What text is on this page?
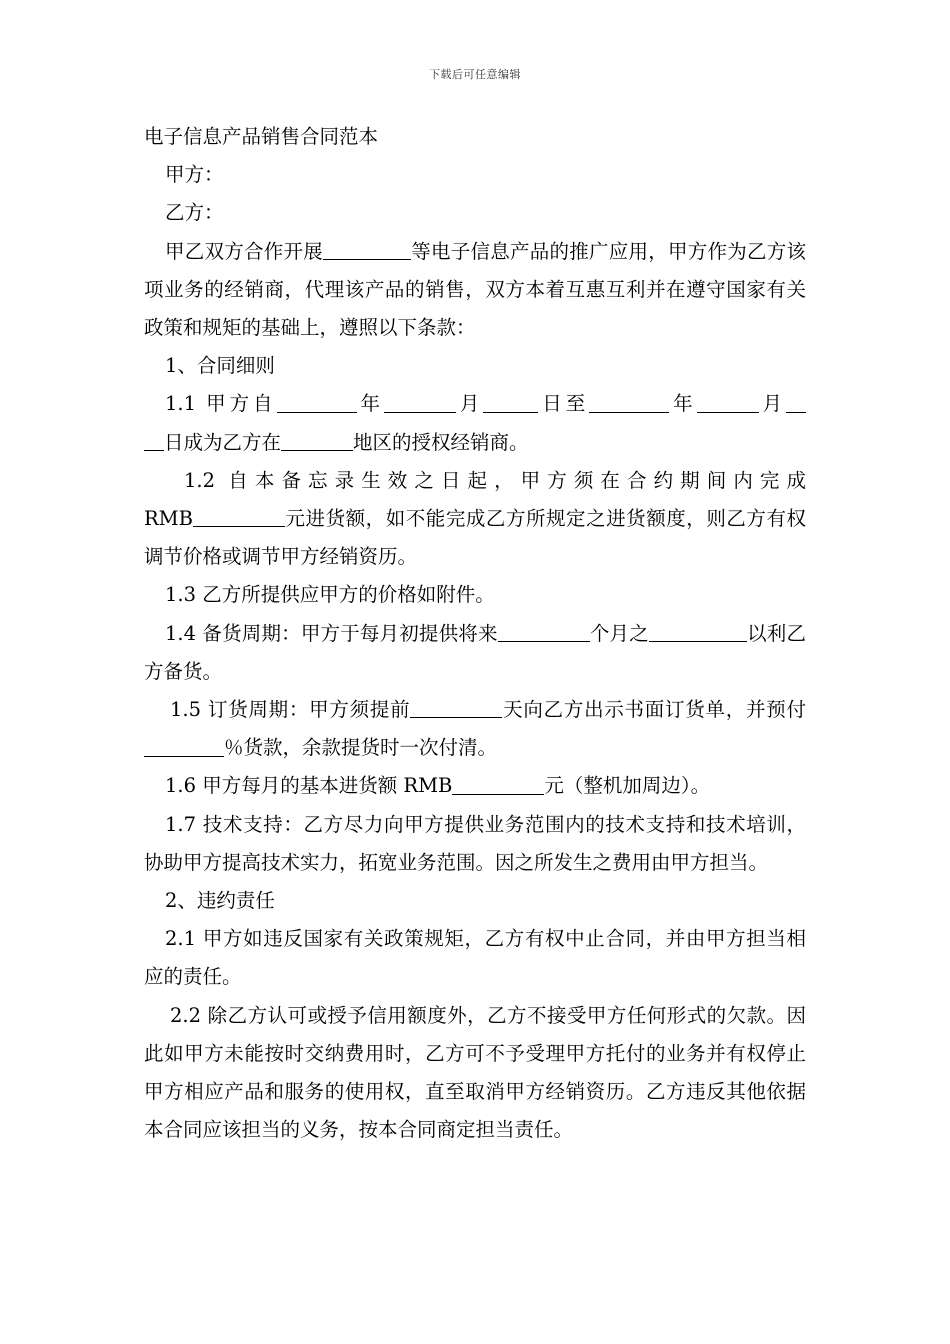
下载后可任意编辑

电子信息产品销售合同范本

甲方：

乙方：

甲乙双方合作开展	等电子信息产品的推广应用，甲方作为乙方该项业务的经销商，代理该产品的销售，双方本着互惠互利并在遵守国家有关政策和规矩的基础上，遵照以下条款：

1、合同细则

1.1 甲方自	年	月	日至	年	月

日成为乙方在	地区的授权经销商。

1.2 自本备忘录生效之日起，甲方须在合约期间内完成

RMB	元进货额，如不能完成乙方所规定之进货额度，则乙方有权调节价格或调节甲方经销资历。

1.3 乙方所提供应甲方的价格如附件。

1.4 备货周期：甲方于每月初提供将来	个月之	以利乙方备货。

1.5 订货周期：甲方须提前	天向乙方出示书面订货单，并预付％货款，余款提货时一次付清。

1.6 甲方每月的基本进货额 RMB	元（整机加周边）。

1.7 技术支持：乙方尽力向甲方提供业务范围内的技术支持和技术培训，协助甲方提高技术实力，拓宽业务范围。因之所发生之费用由甲方担当。

2、违约责任

2.1 甲方如违反国家有关政策规矩，乙方有权中止合同，并由甲方担当相应的责任。

2.2 除乙方认可或授予信用额度外，乙方不接受甲方任何形式的欠款。因此如甲方未能按时交纳费用时，乙方可不予受理甲方托付的业务并有权停止甲方相应产品和服务的使用权，直至取消甲方经销资历。乙方违反其他依据本合同应该担当的义务，按本合同商定担当责任。
